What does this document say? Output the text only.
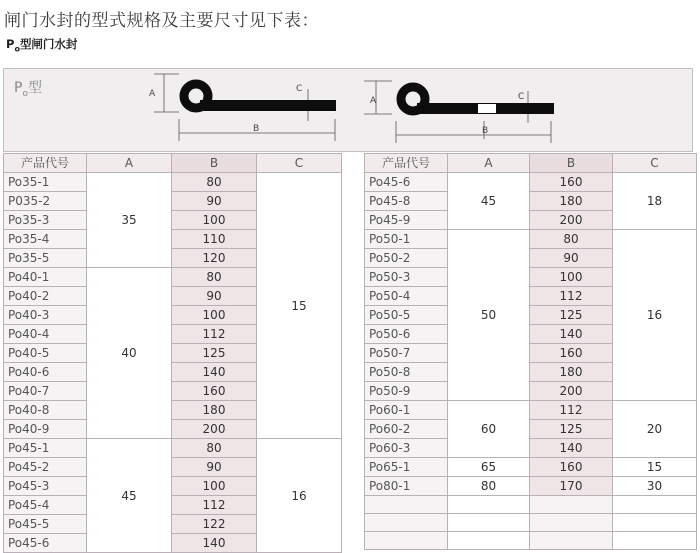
闸门水封的型式规格及主要尺寸见下表：
$P_o$型闸门水封
$P_o$型	A
B
C
A
B
C
产品代号	A	B	C
Po35-1	35	80	15
P035-2		90	
Po35-3		100	
Po35-4		110	
Po35-5		120	
Po40-1	40	80	
Po40-2		90	
Po40-3		100	
Po40-4		112	
Po40-5		125	
Po40-6		140	
Po40-7		160	
Po40-8		180	
Po40-9		200	
Po45-1	45	80	16
Po45-2		90	
Po45-3		100	
Po45-4		112	
Po45-5		122	
Po45-6		140	
产品代号	A	B	C
Po45-6	45	160	18
Po45-8		180	
Po45-9		200	
Po50-1	50	80	16
Po50-2		90	
Po50-3		100	
Po50-4		112	
Po50-5		125	
Po50-6		140	
Po50-7		160	
Po50-8		180	
Po50-9		200	
Po60-1	60	112	20
Po60-2		125	
Po60-3		140	
Po65-1	65	160	15
Po80-1	80	170	30
